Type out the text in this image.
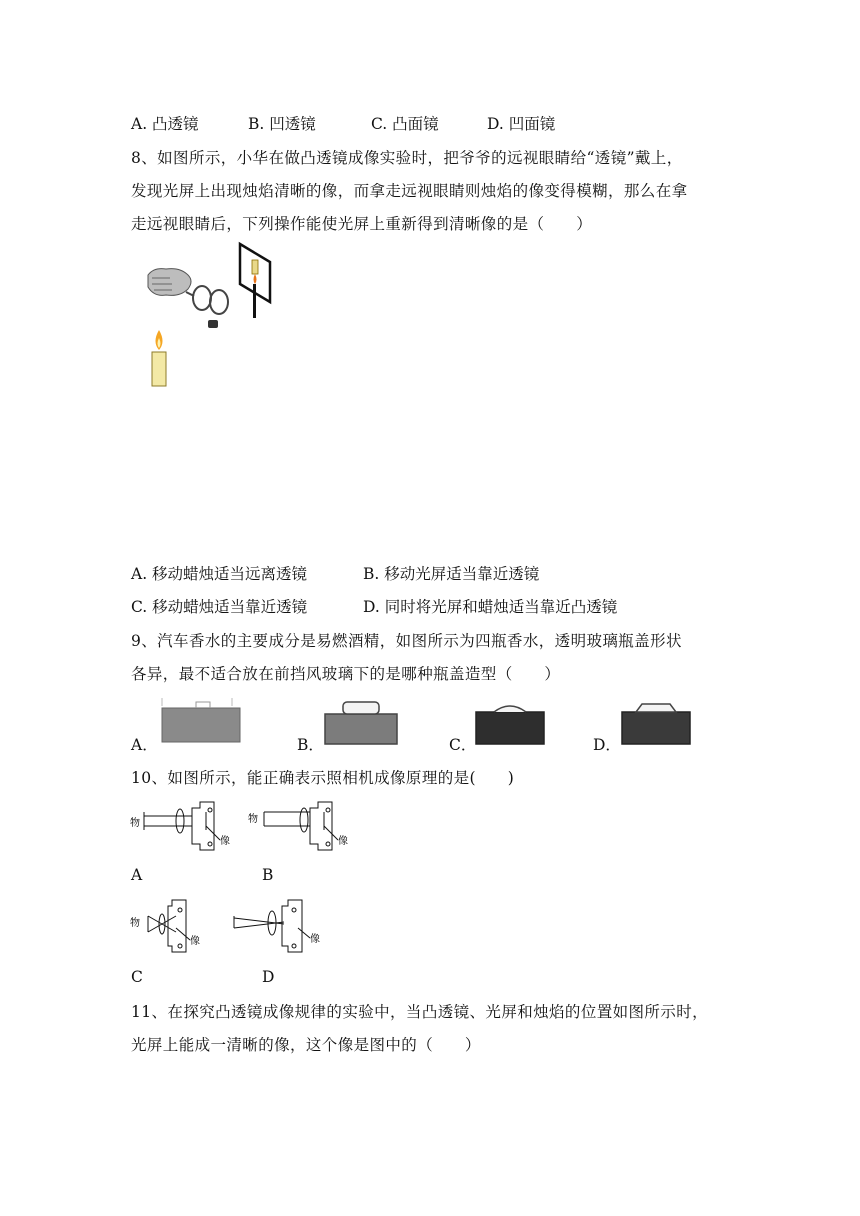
A. 凸透镜	B. 凹透镜	C. 凸面镜	D. 凹面镜
8、如图所示，小华在做凸透镜成像实验时，把爷爷的远视眼睛给“透镜”戴上，
发现光屏上出现烛焰清晰的像，而拿走远视眼睛则烛焰的像变得模糊，那么在拿
走远视眼睛后，下列操作能使光屏上重新得到清晰像的是（　　）
A. 移动蜡烛适当远离透镜	B. 移动光屏适当靠近透镜
C. 移动蜡烛适当靠近透镜	D. 同时将光屏和蜡烛适当靠近凸透镜
9、汽车香水的主要成分是易燃酒精，如图所示为四瓶香水，透明玻璃瓶盖形状
各异，最不适合放在前挡风玻璃下的是哪种瓶盖造型（　　）
A．	B．	C．	D．
10、如图所示，能正确表示照相机成像原理的是(　　)
物
像
物
像
A	B
物
像	像
C	D
11、在探究凸透镜成像规律的实验中，当凸透镜、光屏和烛焰的位置如图所示时，
光屏上能成一清晰的像，这个像是图中的（　　）
